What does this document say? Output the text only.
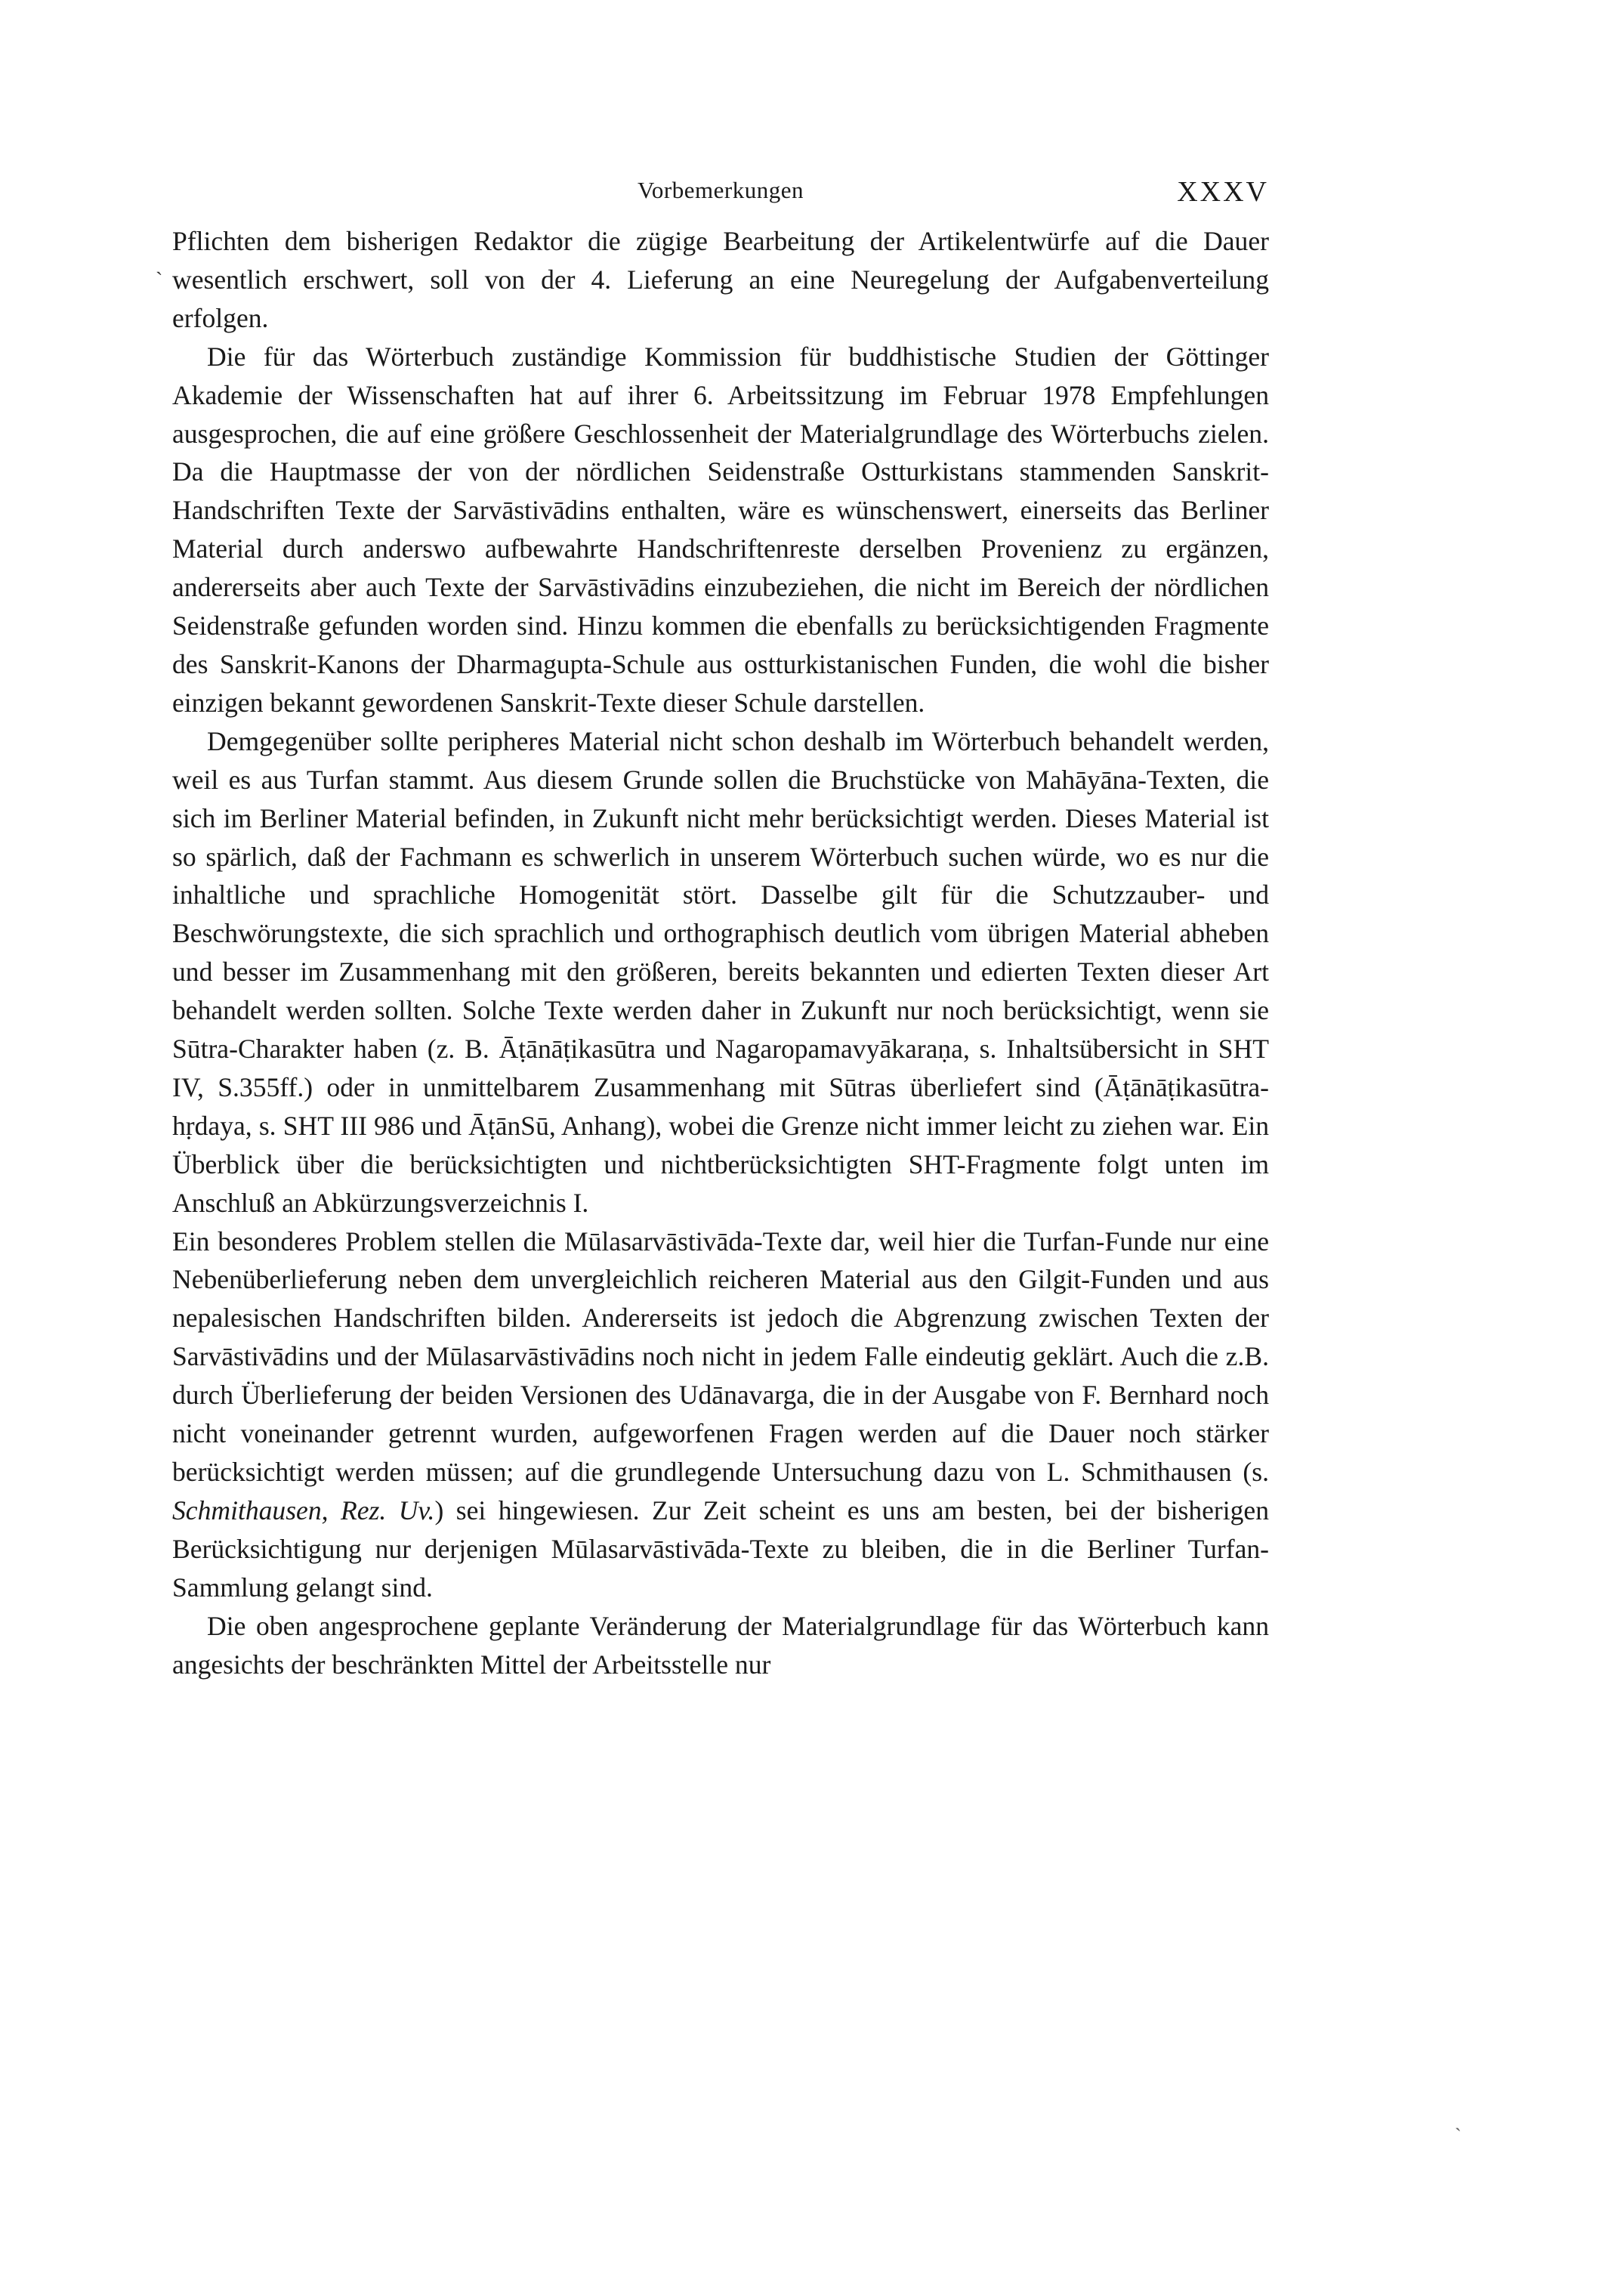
ˏ
Vorbemerkungen	XXXV

Pflichten dem bisherigen Redaktor die zügige Bearbeitung der Artikelentwürfe auf die Dauer wesentlich erschwert, soll von der 4. Lieferung an eine Neuregelung der Aufgabenverteilung erfolgen.

Die für das Wörterbuch zuständige Kommission für buddhistische Studien der Göttinger Akademie der Wissenschaften hat auf ihrer 6. Arbeitssitzung im Februar 1978 Empfehlungen ausgesprochen, die auf eine größere Geschlossenheit der Materialgrundlage des Wörterbuchs zielen. Da die Hauptmasse der von der nördlichen Seidenstraße Ostturkistans stammenden Sanskrit-Handschriften Texte der Sarvāstivādins enthalten, wäre es wünschenswert, einerseits das Berliner Material durch anderswo aufbewahrte Handschriftenreste derselben Provenienz zu ergänzen, andererseits aber auch Texte der Sarvāstivādins einzubeziehen, die nicht im Bereich der nördlichen Seidenstraße gefunden worden sind. Hinzu kommen die ebenfalls zu berücksichtigenden Fragmente des Sanskrit-Kanons der Dharmagupta-Schule aus ostturkistanischen Funden, die wohl die bisher einzigen bekannt gewordenen Sanskrit-Texte dieser Schule darstellen.

Demgegenüber sollte peripheres Material nicht schon deshalb im Wörterbuch behandelt werden, weil es aus Turfan stammt. Aus diesem Grunde sollen die Bruchstücke von Mahāyāna-Texten, die sich im Berliner Material befinden, in Zukunft nicht mehr berücksichtigt werden. Dieses Material ist so spärlich, daß der Fachmann es schwerlich in unserem Wörterbuch suchen würde, wo es nur die inhaltliche und sprachliche Homogenität stört. Dasselbe gilt für die Schutzzauber- und Beschwörungstexte, die sich sprachlich und orthographisch deutlich vom übrigen Material abheben und besser im Zusammenhang mit den größeren, bereits bekannten und edierten Texten dieser Art behandelt werden sollten. Solche Texte werden daher in Zukunft nur noch berücksichtigt, wenn sie Sūtra-Charakter haben (z. B. Āṭānāṭikasūtra und Nagaropamavyākaraṇa, s. Inhaltsübersicht in SHT IV, S.355ff.) oder in unmittelbarem Zusammenhang mit Sūtras überliefert sind (Āṭānāṭikasūtra-hṛdaya, s. SHT III 986 und ĀṭānSū, Anhang), wobei die Grenze nicht immer leicht zu ziehen war. Ein Überblick über die berücksichtigten und nichtberücksichtigten SHT-Fragmente folgt unten im Anschluß an Abkürzungsverzeichnis I.

Ein besonderes Problem stellen die Mūlasarvāstivāda-Texte dar, weil hier die Turfan-Funde nur eine Nebenüberlieferung neben dem unvergleichlich reicheren Material aus den Gilgit-Funden und aus nepalesischen Handschriften bilden. Andererseits ist jedoch die Abgrenzung zwischen Texten der Sarvāstivādins und der Mūlasarvāstivādins noch nicht in jedem Falle eindeutig geklärt. Auch die z.B. durch Überlieferung der beiden Versionen des Udānavarga, die in der Ausgabe von F. Bernhard noch nicht voneinander getrennt wurden, aufgeworfenen Fragen werden auf die Dauer noch stärker berücksichtigt werden müssen; auf die grundlegende Untersuchung dazu von L. Schmithausen (s. Schmithausen, Rez. Uv.) sei hingewiesen. Zur Zeit scheint es uns am besten, bei der bisherigen Berücksichtigung nur derjenigen Mūlasarvāstivāda-Texte zu bleiben, die in die Berliner Turfan-Sammlung gelangt sind.

Die oben angesprochene geplante Veränderung der Materialgrundlage für das Wörterbuch kann angesichts der beschränkten Mittel der Arbeitsstelle nur

ˎ
